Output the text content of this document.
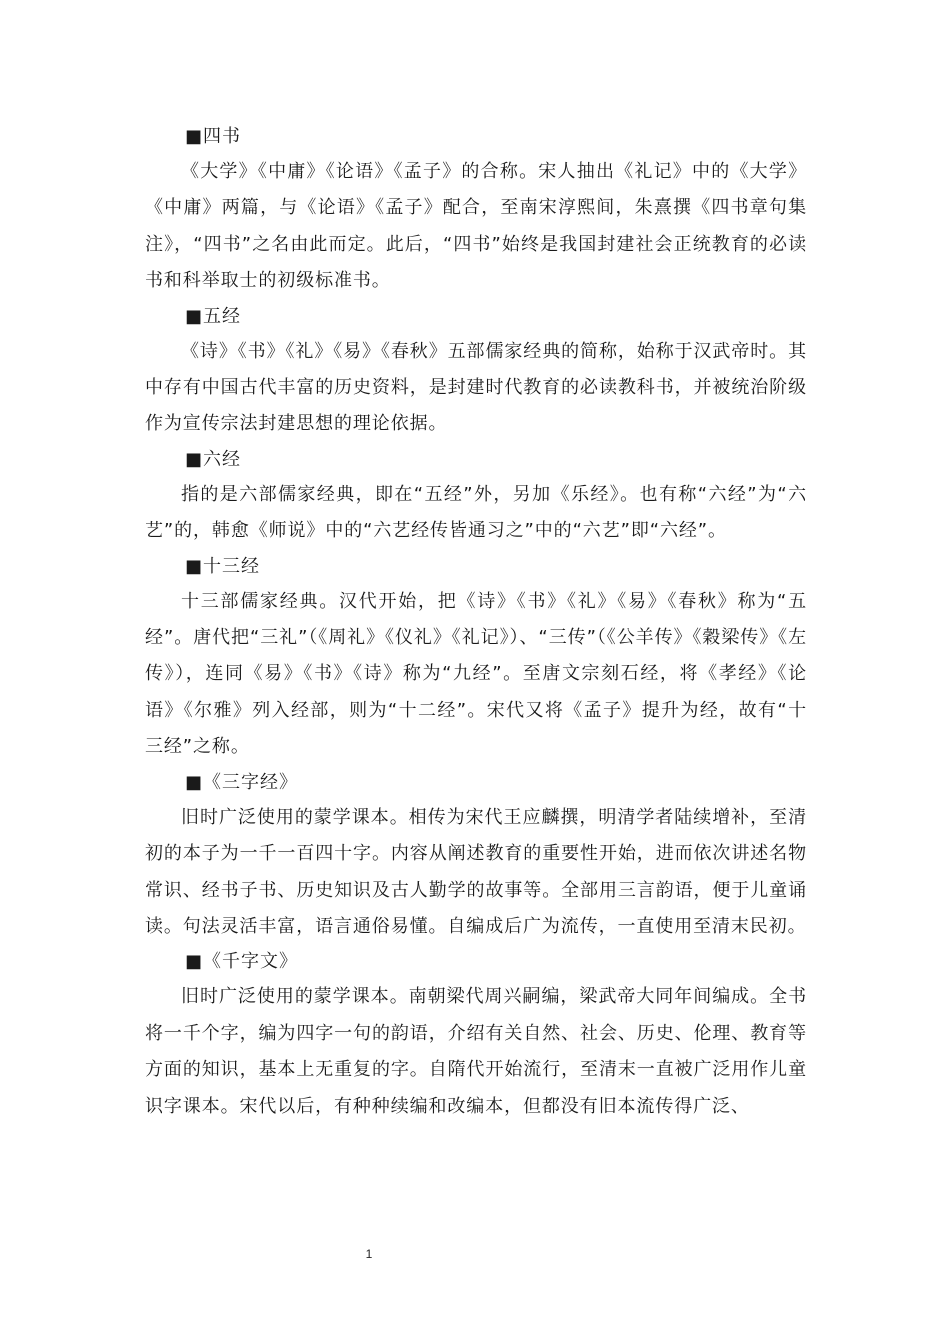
■四书

《大学》《中庸》《论语》《孟子》的合称。宋人抽出《礼记》中的《大学》《中庸》两篇，与《论语》《孟子》配合，至南宋淳熙间，朱熹撰《四书章句集注》，“四书”之名由此而定。此后，“四书”始终是我国封建社会正统教育的必读书和科举取士的初级标准书。

■五经

《诗》《书》《礼》《易》《春秋》五部儒家经典的简称，始称于汉武帝时。其中存有中国古代丰富的历史资料，是封建时代教育的必读教科书，并被统治阶级作为宣传宗法封建思想的理论依据。

■六经

指的是六部儒家经典，即在“五经”外，另加《乐经》。也有称“六经”为“六艺”的，韩愈《师说》中的“六艺经传皆通习之”中的“六艺”即“六经”。

■十三经

十三部儒家经典。汉代开始，把《诗》《书》《礼》《易》《春秋》称为“五经”。唐代把“三礼”（《周礼》《仪礼》《礼记》）、“三传”（《公羊传》《穀梁传》《左传》），连同《易》《书》《诗》称为“九经”。至唐文宗刻石经，将《孝经》《论语》《尔雅》列入经部，则为“十二经”。宋代又将《孟子》提升为经，故有“十三经”之称。

■《三字经》

旧时广泛使用的蒙学课本。相传为宋代王应麟撰，明清学者陆续增补，至清初的本子为一千一百四十字。内容从阐述教育的重要性开始，进而依次讲述名物常识、经书子书、历史知识及古人勤学的故事等。全部用三言韵语，便于儿童诵读。句法灵活丰富，语言通俗易懂。自编成后广为流传，一直使用至清末民初。

■《千字文》

旧时广泛使用的蒙学课本。南朝梁代周兴嗣编，梁武帝大同年间编成。全书将一千个字，编为四字一句的韵语，介绍有关自然、社会、历史、伦理、教育等方面的知识，基本上无重复的字。自隋代开始流行，至清末一直被广泛用作儿童识字课本。宋代以后，有种种续编和改编本，但都没有旧本流传得广泛、

1
